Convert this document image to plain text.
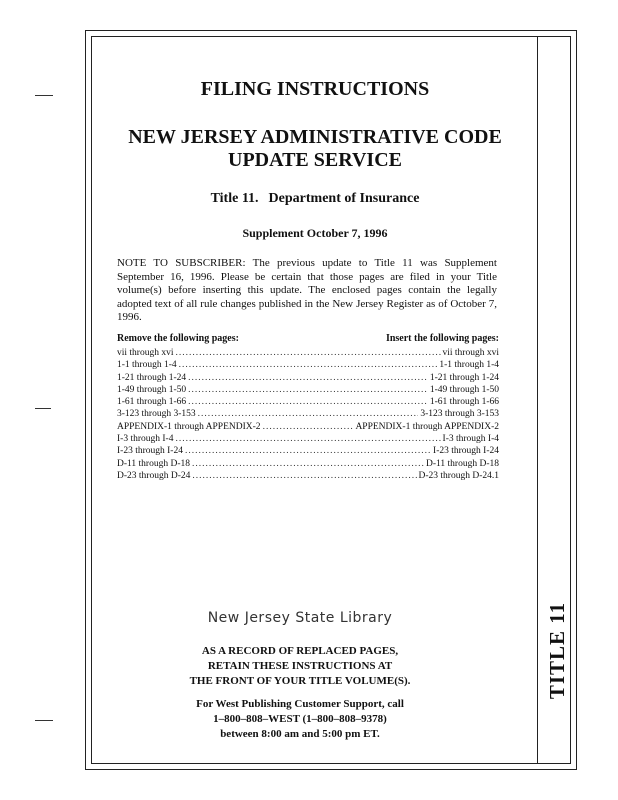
TITLE 11
FILING INSTRUCTIONS
NEW JERSEY ADMINISTRATIVE CODE
UPDATE SERVICE
Title 11. Department of Insurance
Supplement October 7, 1996
NOTE TO SUBSCRIBER: The previous update to Title 11 was Supplement September 16, 1996. Please be certain that those pages are filed in your Title volume(s) before inserting this update. The enclosed pages contain the legally adopted text of all rule changes published in the New Jersey Register as of October 7, 1996.
Remove the following pages:	Insert the following pages:
vii through xvi .....	vii through xvi
1-1 through 1-4 .....	1-1 through 1-4
1-21 through 1-24 .....	1-21 through 1-24
1-49 through 1-50 .....	1-49 through 1-50
1-61 through 1-66 .....	1-61 through 1-66
3-123 through 3-153 .....	3-123 through 3-153
APPENDIX-1 through APPENDIX-2 .....	APPENDIX-1 through APPENDIX-2
I-3 through I-4 .....	I-3 through I-4
I-23 through I-24 .....	I-23 through I-24
D-11 through D-18 .....	D-11 through D-18
D-23 through D-24 .....	D-23 through D-24.1
New Jersey State Library
AS A RECORD OF REPLACED PAGES,
RETAIN THESE INSTRUCTIONS AT
THE FRONT OF YOUR TITLE VOLUME(S).
For West Publishing Customer Support, call
1–800–808–WEST (1–800–808–9378)
between 8:00 am and 5:00 pm ET.
